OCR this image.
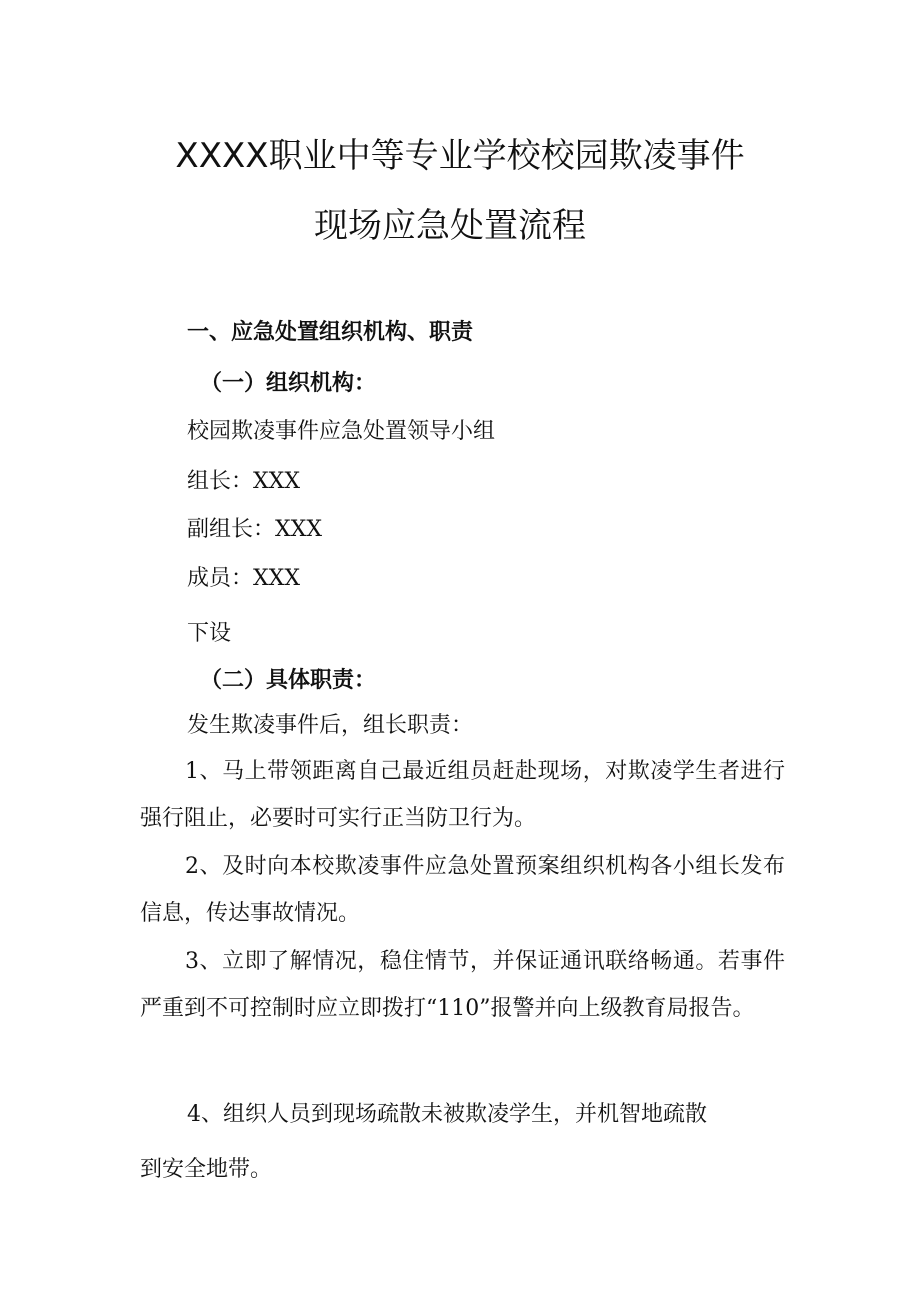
XXXX职业中等专业学校校园欺凌事件
现场应急处置流程
一、应急处置组织机构、职责
（一）组织机构：

校园欺凌事件应急处置领导小组

组长：XXX

副组长：XXX

成员：XXX

下设

（二）具体职责：

发生欺凌事件后，组长职责：

1、马上带领距离自己最近组员赶赴现场，对欺凌学生者进行强行阻止，必要时可实行正当防卫行为。

2、及时向本校欺凌事件应急处置预案组织机构各小组长发布信息，传达事故情况。

3、立即了解情况，稳住情节，并保证通讯联络畅通。若事件严重到不可控制时应立即拨打“110”报警并向上级教育局报告。

4、组织人员到现场疏散未被欺凌学生，并机智地疏散

到安全地带。
